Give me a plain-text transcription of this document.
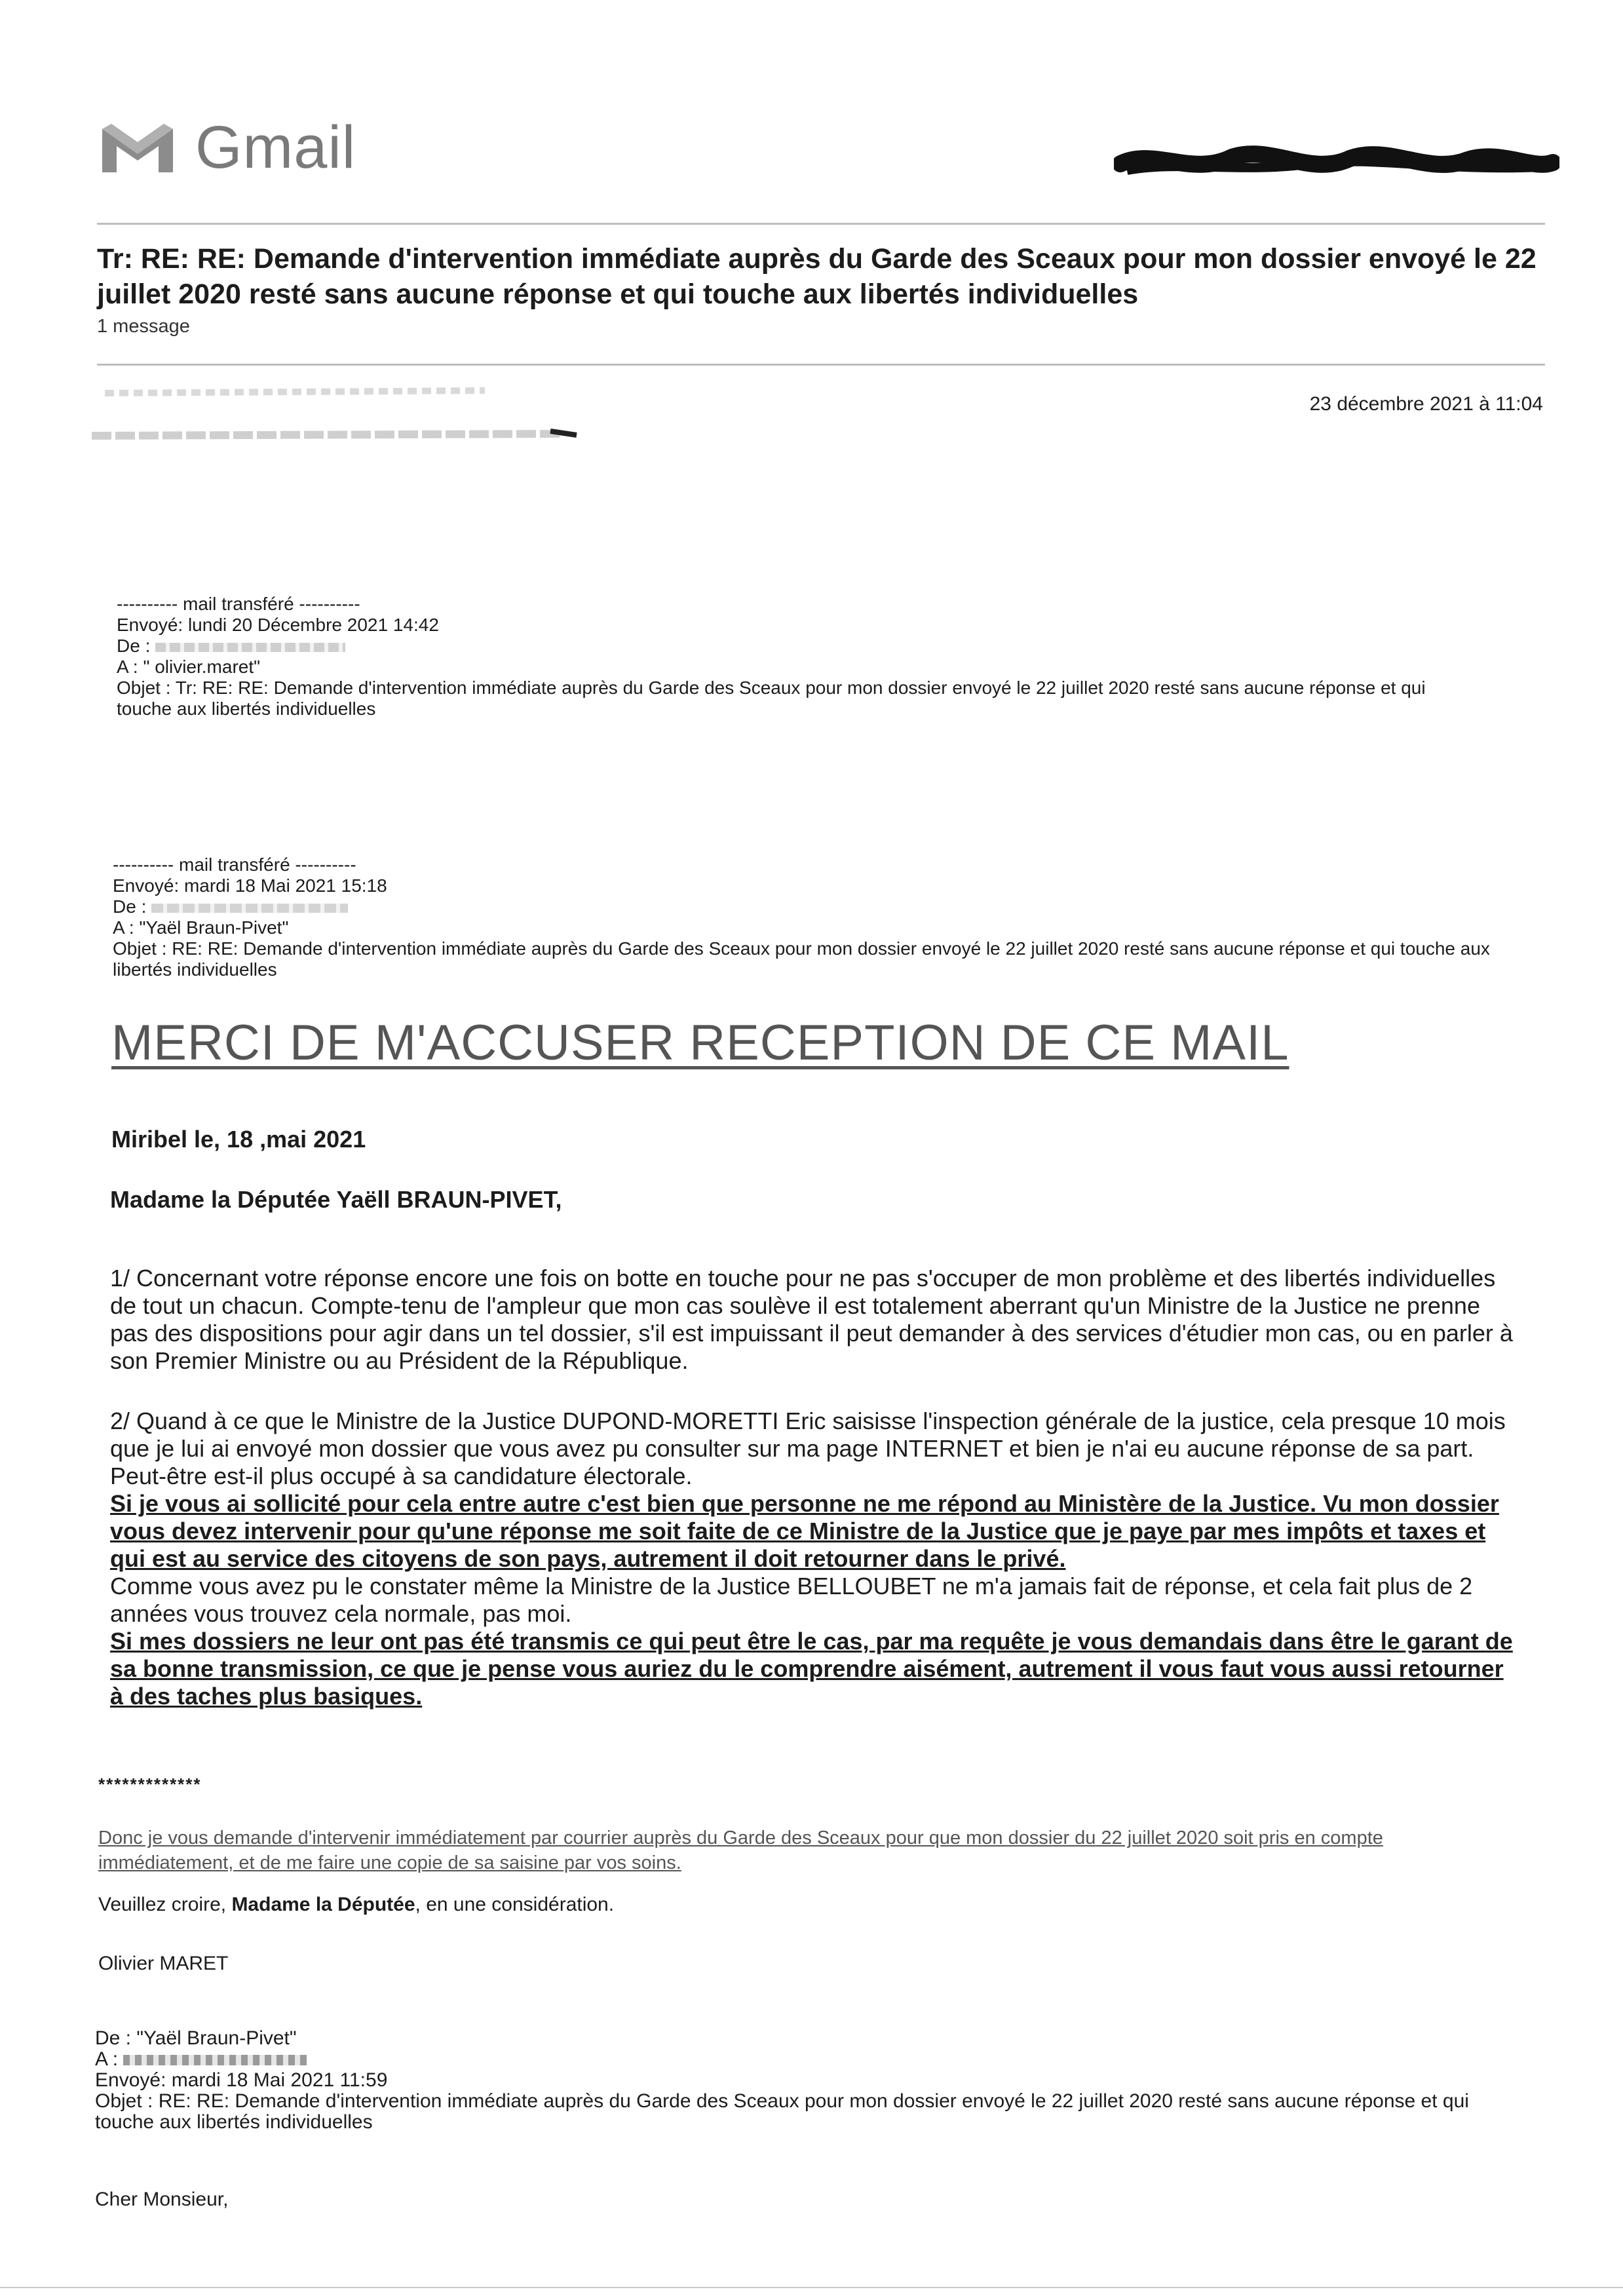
Gmail
Tr: RE: RE: Demande d'intervention immédiate auprès du Garde des Sceaux pour mon dossier envoyé le 22 juillet 2020 resté sans aucune réponse et qui touche aux libertés individuelles
1 message
23 décembre 2021 à 11:04
---------- mail transféré ----------
Envoyé: lundi 20 Décembre 2021 14:42
De :
A : " olivier.maret"
Objet : Tr: RE: RE: Demande d'intervention immédiate auprès du Garde des Sceaux pour mon dossier envoyé le 22 juillet 2020 resté sans aucune réponse et qui touche aux libertés individuelles
---------- mail transféré ----------
Envoyé: mardi 18 Mai 2021 15:18
De :
A : "Yaël Braun-Pivet"
Objet : RE: RE: Demande d'intervention immédiate auprès du Garde des Sceaux pour mon dossier envoyé le 22 juillet 2020 resté sans aucune réponse et qui touche aux libertés individuelles
MERCI DE M'ACCUSER RECEPTION DE CE MAIL
Miribel le, 18 ,mai 2021
Madame la Députée Yaëll BRAUN-PIVET,
1/ Concernant votre réponse encore une fois on botte en touche pour ne pas s'occuper de mon problème et des libertés individuelles de tout un chacun. Compte-tenu de l'ampleur que mon cas soulève il est totalement aberrant qu'un Ministre de la Justice ne prenne pas des dispositions pour agir dans un tel dossier, s'il est impuissant il peut demander à des services d'étudier mon cas, ou en parler à son Premier Ministre ou au Président de la République.
2/ Quand à ce que le Ministre de la Justice DUPOND-MORETTI Eric saisisse l'inspection générale de la justice, cela presque 10 mois que je lui ai envoyé mon dossier que vous avez pu consulter sur ma page INTERNET et bien je n'ai eu aucune réponse de sa part. Peut-être est-il plus occupé à sa candidature électorale.
Si je vous ai sollicité pour cela entre autre c'est bien que personne ne me répond au Ministère de la Justice. Vu mon dossier vous devez intervenir pour qu'une réponse me soit faite de ce Ministre de la Justice que je paye par mes impôts et taxes et qui est au service des citoyens de son pays, autrement il doit retourner dans le privé.
Comme vous avez pu le constater même la Ministre de la Justice BELLOUBET ne m'a jamais fait de réponse, et cela fait plus de 2 années vous trouvez cela normale, pas moi.
Si mes dossiers ne leur ont pas été transmis ce qui peut être le cas, par ma requête je vous demandais dans être le garant de sa bonne transmission, ce que je pense vous auriez du le comprendre aisément, autrement il vous faut vous aussi retourner à des taches plus basiques.
*************
Donc je vous demande d'intervenir immédiatement par courrier auprès du Garde des Sceaux pour que mon dossier du 22 juillet 2020 soit pris en compte immédiatement, et de me faire une copie de sa saisine par vos soins.
Veuillez croire, Madame la Députée, en une considération.
Olivier MARET
De : "Yaël Braun-Pivet"
A :
Envoyé: mardi 18 Mai 2021 11:59
Objet : RE: RE: Demande d'intervention immédiate auprès du Garde des Sceaux pour mon dossier envoyé le 22 juillet 2020 resté sans aucune réponse et qui touche aux libertés individuelles
Cher Monsieur,
